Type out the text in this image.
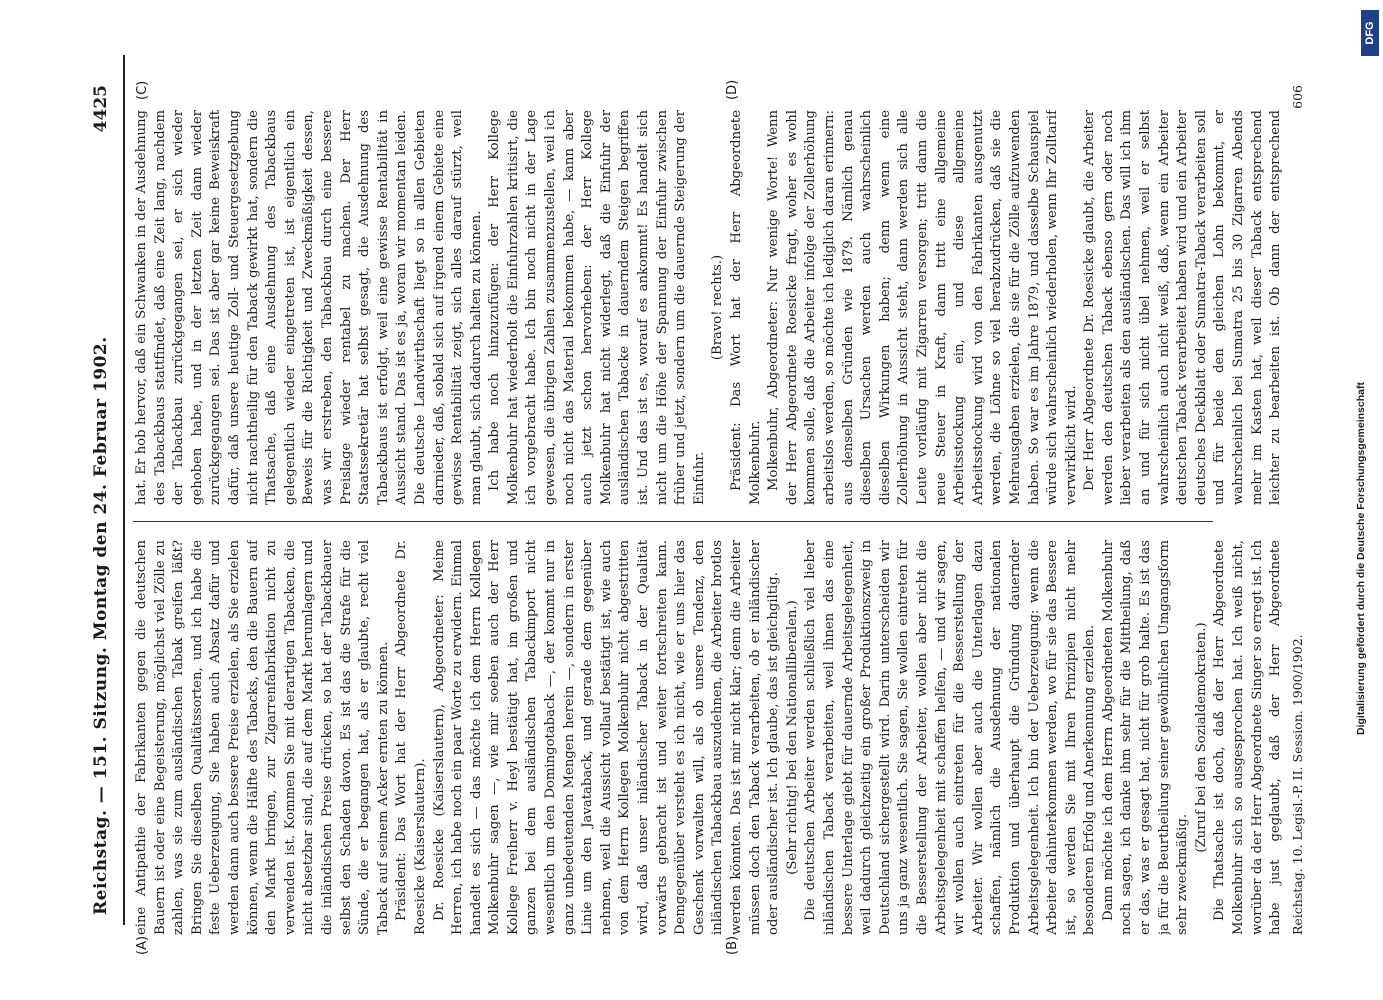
Reichstag. — 151. Sitzung. Montag den 24. Februar 1902.
4425
(A)	(B)
(C)	(D)

eine Antipathie der Fabrikanten gegen die deutschen Bauern ist oder eine Begeisterung, möglichst viel Zölle zu zahlen, was sie zum ausländischen Tabak greifen läßt? Bringen Sie dieselben Qualitätssorten, und ich habe die feste Ueberzeugung, Sie haben auch Absatz dafür und werden dann auch bessere Preise erzielen, als Sie erzielen können, wenn die Hälfte des Tabacks, den die Bauern auf den Markt bringen, zur Zigarrenfabrikation nicht zu verwenden ist. Kommen Sie mit derartigen Tabacken, die nicht absetzbar sind, die auf dem Markt herumlagern und die inländischen Preise drücken, so hat der Tabackbauer selbst den Schaden davon. Es ist das die Strafe für die Sünde, die er begangen hat, als er glaubte, recht viel Taback auf seinem Acker ernten zu können. Präsident: Das Wort hat der Herr Abgeordnete Dr. Roesicke (Kaiserslautern). Dr. Roesicke (Kaiserslautern), Abgeordneter: Meine Herren, ich habe noch ein paar Worte zu erwidern. Einmal handelt es sich — das möchte ich dem Herrn Kollegen Molkenbuhr sagen —, wie mir soeben auch der Herr Kollege Freiherr v. Heyl bestätigt hat, im großen und ganzen bei dem ausländischen Tabackimport nicht wesentlich um den Domingotaback —, der kommt nur in ganz unbedeutenden Mengen herein —, sondern in erster Linie um den Javataback, und gerade dem gegenüber nehmen, weil die Aussicht vollauf bestätigt ist, wie auch von dem Herrn Kollegen Molkenbuhr nicht abgestritten wird, daß unser inländischer Taback in der Qualität vorwärts gebracht ist und weiter fortschreiten kann. Demgegenüber versteht es ich nicht, wie er uns hier das Geschenk vorwalten will, als ob unsere Tendenz, den inländischen Tabackbau auszudehnen, die Arbeiter brotlos werden könnten. Das ist mir nicht klar; denn die Arbeiter müssen doch den Taback verarbeiten, ob er inländischer oder ausländischer ist. Ich glaube, das ist gleichgiltig. (Sehr richtig! bei den Nationalliberalen.) Die deutschen Arbeiter werden schließlich viel lieber inländischen Taback verarbeiten, weil ihnen das eine bessere Unterlage giebt für dauernde Arbeitsgelegenheit, weil dadurch gleichzeitig ein großer Produktionszweig in Deutschland sichergestellt wird. Darin unterscheiden wir uns ja ganz wesentlich. Sie sagen, Sie wollen eintreten für die Besserstellung der Arbeiter, wollen aber nicht die Arbeitsgelegenheit mit schaffen helfen, — und wir sagen, wir wollen auch eintreten für die Besserstellung der Arbeiter. Wir wollen aber auch die Unterlagen dazu schaffen, nämlich die Ausdehnung der nationalen Produktion und überhaupt die Gründung dauernder Arbeitsgelegenheit. Ich bin der Ueberzeugung: wenn die Arbeiter dahinterkommen werden, wo für sie das Bessere ist, so werden Sie mit Ihren Prinzipien nicht mehr besonderen Erfolg und Anerkennung erzielen. Dann möchte ich dem Herrn Abgeordneten Molkenbuhr noch sagen, ich danke ihm sehr für die Mittheilung, daß er das, was er gesagt hat, nicht für grob halte. Es ist das ja für die Beurtheilung seiner gewöhnlichen Umgangsform sehr zweckmäßig.

(Zuruf bei den Sozialdemokraten.)

Die Thatsache ist doch, daß der Herr Abgeordnete Molkenbuhr sich so ausgesprochen hat. Ich weiß nicht, worüber da der Herr Abgeordnete Singer so erregt ist. Ich habe just geglaubt, daß der Herr Abgeordnete

hat. Er hob hervor, daß ein Schwanken in der Ausdehnung des Tabackbaus stattfindet, daß eine Zeit lang, nachdem der Tabackbau zurückgegangen sei, er sich wieder gehoben habe, und in der letzten Zeit dann wieder zurückgegangen sei. Das ist aber gar keine Beweiskraft dafür, daß unsere heutige Zoll- und Steuergesetzgebung nicht nachtheilig für den Taback gewirkt hat, sondern die Thatsache, daß eine Ausdehnung des Tabackbaus gelegentlich wieder eingetreten ist, ist eigentlich ein Beweis für die Richtigkeit und Zweckmäßigkeit dessen, was wir erstreben, den Tabackbau durch eine bessere Preislage wieder rentabel zu machen. Der Herr Staatssekretär hat selbst gesagt, die Ausdehnung des Tabackbaus ist erfolgt, weil eine gewisse Rentabilität in Aussicht stand. Das ist es ja, woran wir momentan leiden. Die deutsche Landwirthschaft liegt so in allen Gebieten darnieder, daß, sobald sich auf irgend einem Gebiete eine gewisse Rentabilität zeigt, sich alles darauf stürzt, weil man glaubt, sich dadurch halten zu können. Ich habe noch hinzuzufügen: der Herr Kollege Molkenbuhr hat wiederholt die Einfuhrzahlen kritisirt, die ich vorgebracht habe. Ich bin noch nicht in der Lage gewesen, die übrigen Zahlen zusammenzustellen, weil ich noch nicht das Material bekommen habe, — kann aber auch jetzt schon hervorheben: der Herr Kollege Molkenbuhr hat nicht widerlegt, daß die Einfuhr der ausländischen Tabacke in dauerndem Steigen begriffen ist. Und das ist es, worauf es ankommt! Es handelt sich nicht um die Höhe der Spannung der Einfuhr zwischen früher und jetzt, sondern um die dauernde Steigerung der Einfuhr.

(Bravo! rechts.) Präsident: Das Wort hat der Herr Abgeordnete Molkenbuhr. Molkenbuhr, Abgeordneter: Nur wenige Worte! Wenn der Herr Abgeordnete Roesicke fragt, woher es wohl kommen solle, daß die Arbeiter infolge der Zollerhöhung arbeitslos werden, so möchte ich lediglich daran erinnern: aus denselben Gründen wie 1879. Nämlich genau dieselben Ursachen werden auch wahrscheinlich dieselben Wirkungen haben; denn wenn eine Zollerhöhung in Aussicht steht, dann werden sich alle Leute vorläufig mit Zigarren versorgen; tritt dann die neue Steuer in Kraft, dann tritt eine allgemeine Arbeitsstockung ein, und diese allgemeine Arbeitsstockung wird von den Fabrikanten ausgenutzt werden, die Löhne so viel herabzudrücken, daß sie die Mehrausgaben erzielen, die sie für die Zölle aufzuwenden haben. So war es im Jahre 1879, und dasselbe Schauspiel würde sich wahrscheinlich wiederholen, wenn Ihr Zolltarif verwirklicht wird. Der Herr Abgeordnete Dr. Roesicke glaubt, die Arbeiter werden den deutschen Taback ebenso gern oder noch lieber verarbeiten als den ausländischen. Das will ich ihm an und für sich nicht übel nehmen, weil er selbst wahrscheinlich auch nicht weiß, daß, wenn ein Arbeiter deutschen Taback verarbeitet haben wird und ein Arbeiter deutsches Deckblatt oder Sumatra-Taback verarbeiten soll und für beide den gleichen Lohn bekommt, er wahrscheinlich bei Sumatra 25 bis 30 Zigarren Abends mehr im Kasten hat, weil dieser Taback entsprechend leichter zu bearbeiten ist. Ob dann der entsprechend

Reichstag. 10. Legisl.-P. II. Session. 1900/1902.
606
Digitalisierung gefördert durch die Deutsche Forschungsgemeinschaft
DFG
